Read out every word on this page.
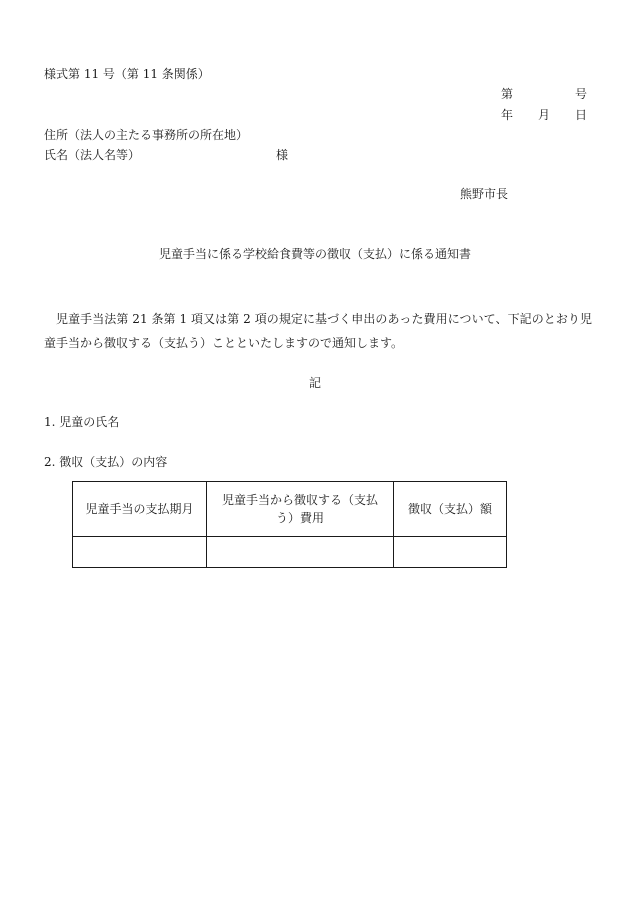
様式第 11 号（第 11 条関係）
第	号
年 月 日
住所（法人の主たる事務所の所在地）
氏名（法人名等）	様
熊野市長
児童手当に係る学校給食費等の徴収（支払）に係る通知書
児童手当法第 21 条第 1 項又は第 2 項の規定に基づく申出のあった費用について、下記のとおり児童手当から徴収する（支払う）ことといたしますので通知します。
記
1. 児童の氏名
2. 徴収（支払）の内容
児童手当の支払期月	児童手当から徴収する（支払う）費用	徴収（支払）額
